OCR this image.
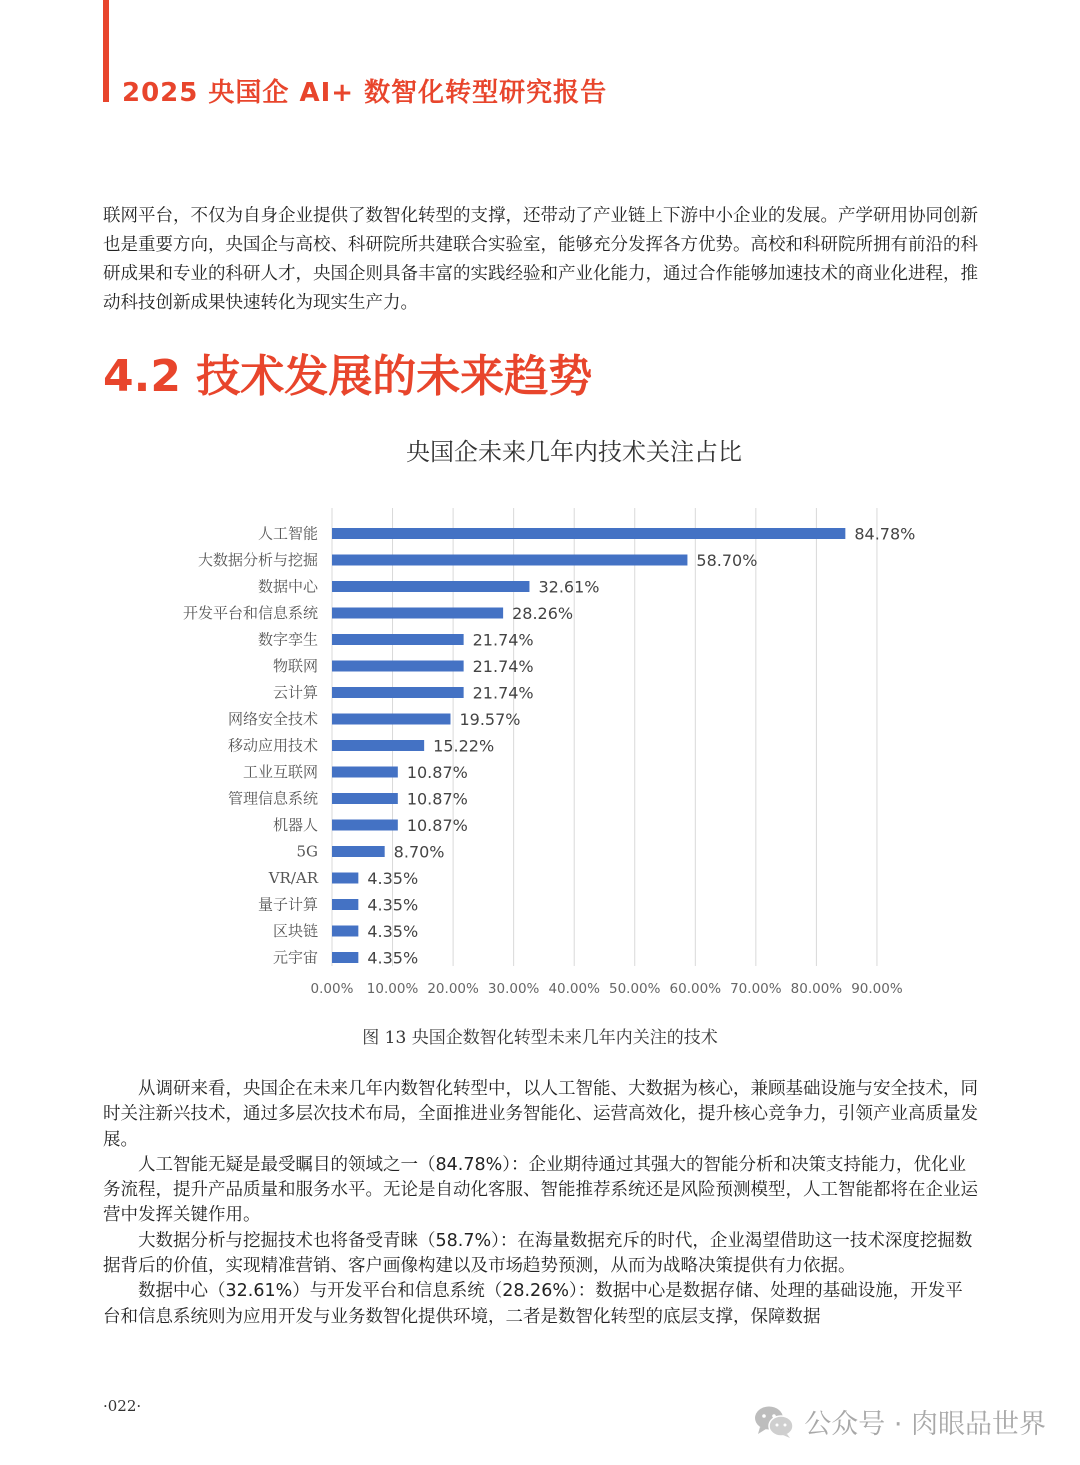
2025 央国企 AI+ 数智化转型研究报告
联网平台，不仅为自身企业提供了数智化转型的支撑，还带动了产业链上下游中小企业的发展。产学研用协同创新也是重要方向，央国企与高校、科研院所共建联合实验室，能够充分发挥各方优势。高校和科研院所拥有前沿的科研成果和专业的科研人才，央国企则具备丰富的实践经验和产业化能力，通过合作能够加速技术的商业化进程，推动科技创新成果快速转化为现实生产力。
4.2 技术发展的未来趋势
央国企未来几年内技术关注占比
0.00% 10.00% 20.00% 30.00% 40.00% 50.00% 60.00% 70.00% 80.00% 90.00%
人工智能	84.78%
大数据分析与挖掘	58.70%
数据中心	32.61%
开发平台和信息系统	28.26%
数字孪生	21.74%
物联网	21.74%
云计算	21.74%
网络安全技术	19.57%
移动应用技术	15.22%
工业互联网	10.87%
管理信息系统	10.87%
机器人	10.87%
5G	8.70%
VR/AR	4.35%
量子计算	4.35%
区块链	4.35%
元宇宙	4.35%
图 13 央国企数智化转型未来几年内关注的技术

从调研来看，央国企在未来几年内数智化转型中，以人工智能、大数据为核心，兼顾基础设施与安全技术，同时关注新兴技术，通过多层次技术布局，全面推进业务智能化、运营高效化，提升核心竞争力，引领产业高质量发展。

人工智能无疑是最受瞩目的领域之一（84.78%）：企业期待通过其强大的智能分析和决策支持能力，优化业务流程，提升产品质量和服务水平。无论是自动化客服、智能推荐系统还是风险预测模型，人工智能都将在企业运营中发挥关键作用。

大数据分析与挖掘技术也将备受青睐（58.7%）：在海量数据充斥的时代，企业渴望借助这一技术深度挖掘数据背后的价值，实现精准营销、客户画像构建以及市场趋势预测，从而为战略决策提供有力依据。

数据中心（32.61%）与开发平台和信息系统（28.26%）：数据中心是数据存储、处理的基础设施，开发平台和信息系统则为应用开发与业务数智化提供环境，二者是数智化转型的底层支撑，保障数据

·022·
公众号 · 肉眼品世界
